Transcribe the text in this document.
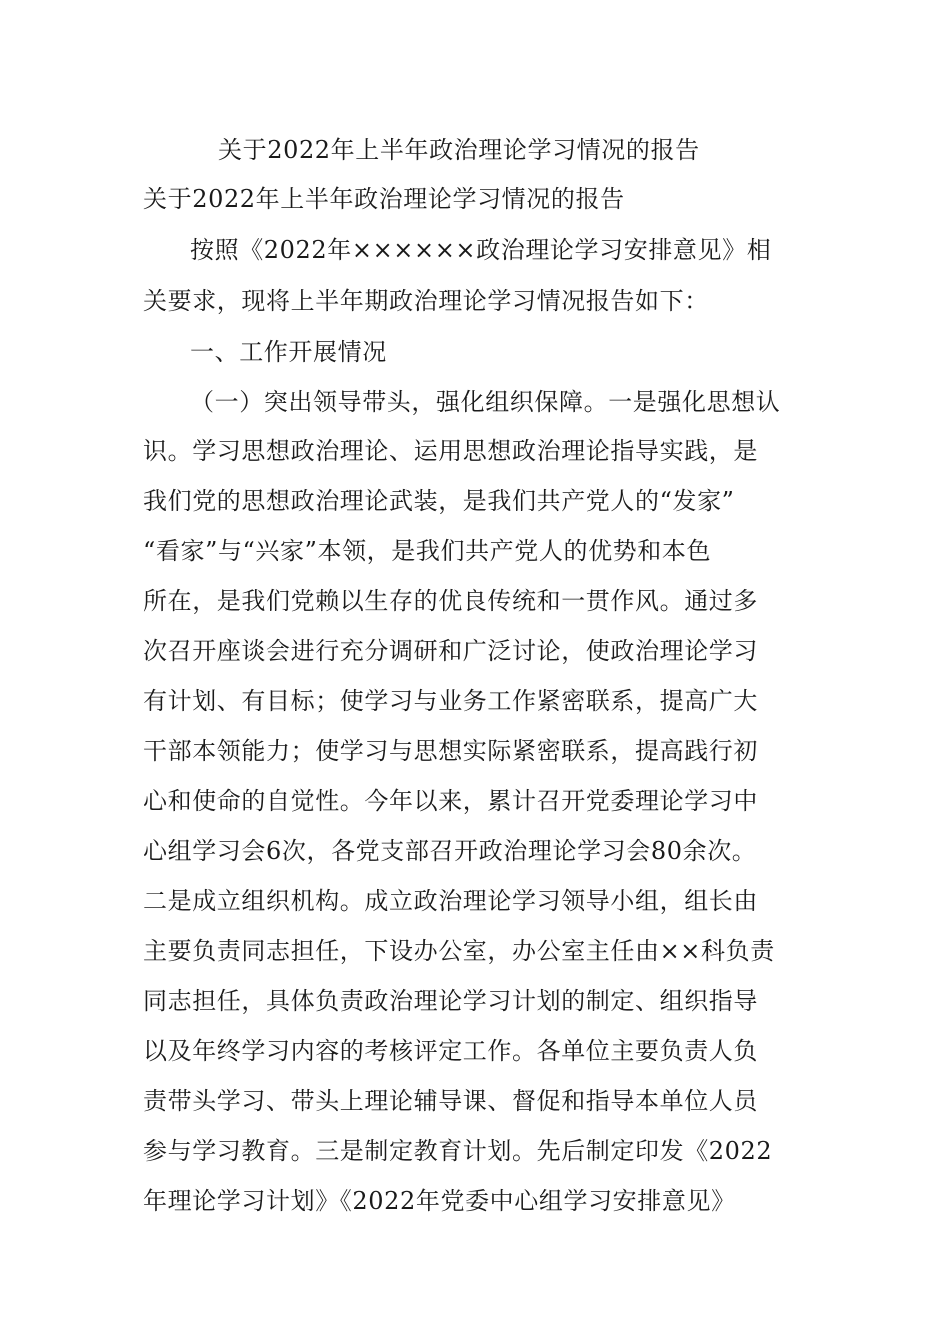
关于2022年上半年政治理论学习情况的报告
关于2022年上半年政治理论学习情况的报告
按照《2022年××××××政治理论学习安排意见》相
关要求，现将上半年期政治理论学习情况报告如下：
一、工作开展情况
（一）突出领导带头，强化组织保障。一是强化思想认
识。学习思想政治理论、运用思想政治理论指导实践，是
我们党的思想政治理论武装，是我们共产党人的“发家”
“看家”与“兴家”本领，是我们共产党人的优势和本色
所在，是我们党赖以生存的优良传统和一贯作风。通过多
次召开座谈会进行充分调研和广泛讨论，使政治理论学习
有计划、有目标；使学习与业务工作紧密联系，提高广大
干部本领能力；使学习与思想实际紧密联系，提高践行初
心和使命的自觉性。今年以来，累计召开党委理论学习中
心组学习会6次，各党支部召开政治理论学习会80余次。
二是成立组织机构。成立政治理论学习领导小组，组长由
主要负责同志担任，下设办公室，办公室主任由××科负责
同志担任，具体负责政治理论学习计划的制定、组织指导
以及年终学习内容的考核评定工作。各单位主要负责人负
责带头学习、带头上理论辅导课、督促和指导本单位人员
参与学习教育。三是制定教育计划。先后制定印发《2022
年理论学习计划》《2022年党委中心组学习安排意见》
